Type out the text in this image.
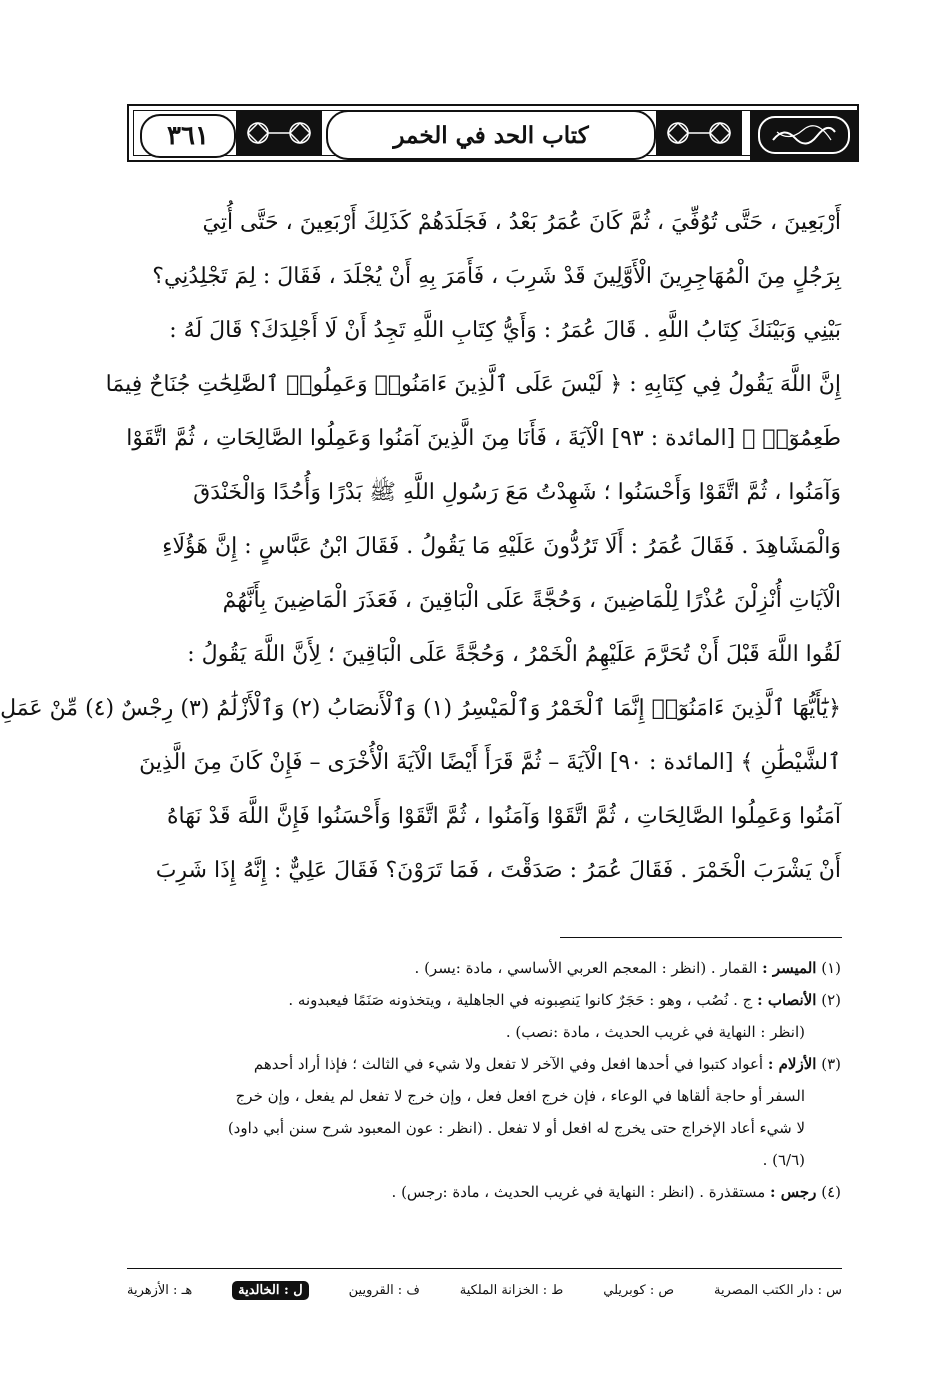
٣٦١	كتاب الحد في الخمر
أَرْبَعِينَ ، حَتَّى تُوُفِّيَ ، ثُمَّ كَانَ عُمَرُ بَعْدُ ، فَجَلَدَهُمْ كَذَلِكَ أَرْبَعِينَ ، حَتَّى أُتِيَ
بِرَجُلٍ مِنَ الْمُهَاجِرِينَ الْأَوَّلِينَ قَدْ شَرِبَ ، فَأَمَرَ بِهِ أَنْ يُجْلَدَ ، فَقَالَ : لِمَ تَجْلِدُنِي؟
بَيْنِي وَبَيْنَكَ كِتَابُ اللَّهِ . قَالَ عُمَرُ : وَأَيُّ كِتَابِ اللَّهِ تَجِدُ أَنْ لَا أَجْلِدَكَ؟ قَالَ لَهُ :
إِنَّ اللَّهَ يَقُولُ فِي كِتَابِهِ : ﴿ لَيْسَ عَلَى ٱلَّذِينَ ءَامَنُوا۟ وَعَمِلُوا۟ ٱلصَّٰلِحَٰتِ جُنَاحٌ فِيمَا
طَعِمُوٓا۟ ﴾ [المائدة : ٩٣] الْآيَةَ ، فَأَنَا مِنَ الَّذِينَ آمَنُوا وَعَمِلُوا الصَّالِحَاتِ ، ثُمَّ اتَّقَوْا
وَآمَنُوا ، ثُمَّ اتَّقَوْا وَأَحْسَنُوا ؛ شَهِدْتُ مَعَ رَسُولِ اللَّهِ ﷺ بَدْرًا وَأُحُدًا وَالْخَنْدَقَ
وَالْمَشَاهِدَ . فَقَالَ عُمَرُ : أَلَا تَرُدُّونَ عَلَيْهِ مَا يَقُولُ . فَقَالَ ابْنُ عَبَّاسٍ : إِنَّ هَؤُلَاءِ
الْآيَاتِ أُنْزِلْنَ عُذْرًا لِلْمَاضِينَ ، وَحُجَّةً عَلَى الْبَاقِينَ ، فَعَذَرَ الْمَاضِينَ بِأَنَّهُمْ
لَقُوا اللَّهَ قَبْلَ أَنْ تُحَرَّمَ عَلَيْهِمُ الْخَمْرُ ، وَحُجَّةً عَلَى الْبَاقِينَ ؛ لِأَنَّ اللَّهَ يَقُولُ :
﴿يَٰٓأَيُّهَا ٱلَّذِينَ ءَامَنُوٓا۟ إِنَّمَا ٱلْخَمْرُ وَٱلْمَيْسِرُ (١) وَٱلْأَنصَابُ (٢) وَٱلْأَزْلَٰمُ (٣) رِجْسٌ (٤) مِّنْ عَمَلِ
ٱلشَّيْطَٰنِ ﴾ [المائدة : ٩٠] الْآيَةَ – ثُمَّ قَرَأَ أَيْضًا الْآيَةَ الْأُخْرَى – فَإِنْ كَانَ مِنَ الَّذِينَ
آمَنُوا وَعَمِلُوا الصَّالِحَاتِ ، ثُمَّ اتَّقَوْا وَآمَنُوا ، ثُمَّ اتَّقَوْا وَأَحْسَنُوا فَإِنَّ اللَّهَ قَدْ نَهَاهُ
أَنْ يَشْرَبَ الْخَمْرَ . فَقَالَ عُمَرُ : صَدَقْتَ ، فَمَا تَرَوْنَ؟ فَقَالَ عَلِيٌّ : إِنَّهُ إِذَا شَرِبَ
(١) الميسر : القمار . (انظر : المعجم العربي الأساسي ، مادة :يسر) .
(٢) الأنصاب : ج . نُصُب ، وهو : حَجَرٌ كانوا يَنصِبونه في الجاهلية ، ويتخذونه صَنَمًا فيعبدونه .
(انظر : النهاية في غريب الحديث ، مادة :نصب) .
(٣) الأزلام : أعواد كتبوا في أحدها افعل وفي الآخر لا تفعل ولا شيء في الثالث ؛ فإذا أراد أحدهم
السفر أو حاجة ألقاها في الوعاء ، فإن خرج افعل فعل ، وإن خرج لا تفعل لم يفعل ، وإن خرج
لا شيء أعاد الإخراج حتى يخرج له افعل أو لا تفعل . (انظر : عون المعبود شرح سنن أبي داود)
(٦/٦) .
(٤) رجس : مستقذرة . (انظر : النهاية في غريب الحديث ، مادة :رجس) .
س : دار الكتب المصرية
ص : كوبريلي
ط : الخزانة الملكية
ف : القرويين
ل : الخالدية
هـ : الأزهرية
